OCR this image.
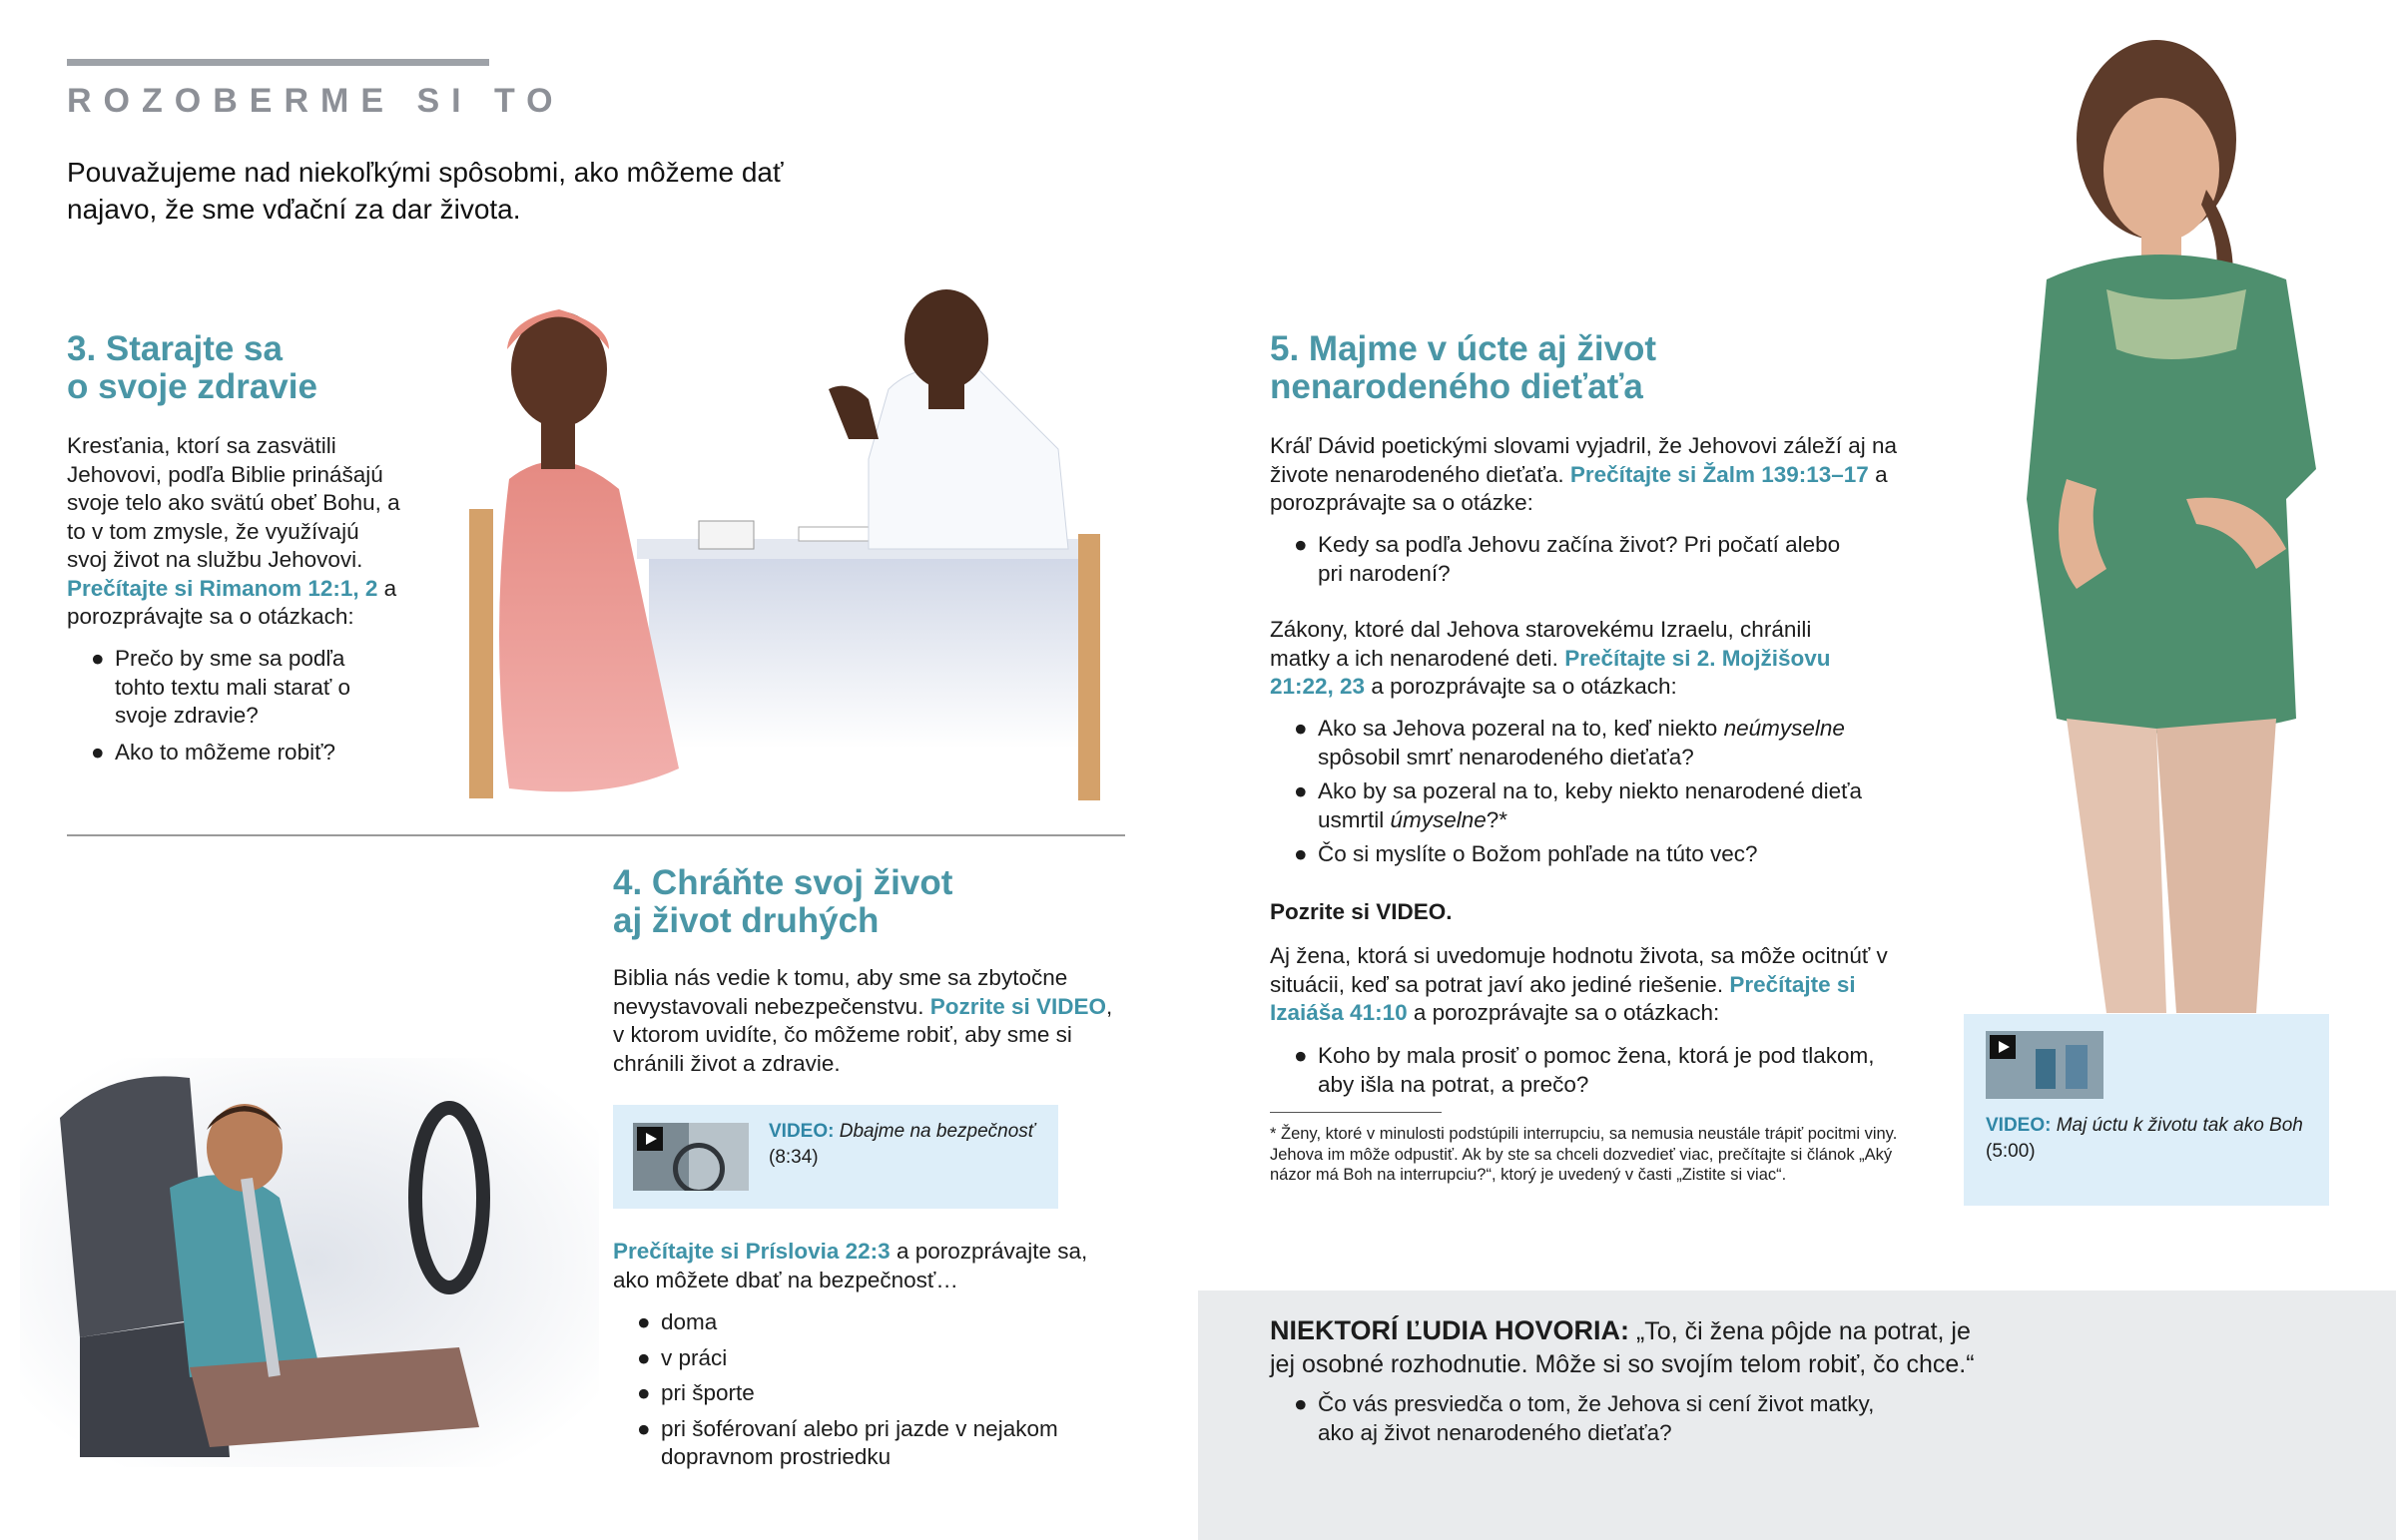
ROZOBERME SI TO

Pouvažujeme nad niekoľkými spôsobmi, ako môžeme dať najavo, že sme vďační za dar života.

3. Starajte sa
o svoje zdravie
Kresťania, ktorí sa zasvätili Jehovovi, podľa Biblie prinášajú svoje telo ako svätú obeť Bohu, a to v tom zmysle, že využívajú svoj život na službu Jehovovi. Prečítajte si Rimanom 12:1, 2 a porozprávajte sa o otázkach:
● Prečo by sme sa podľa tohto textu mali starať o svoje zdravie?
● Ako to môžeme robiť?
4. Chráňte svoj život
aj život druhých
Biblia nás vedie k tomu, aby sme sa zbytočne nevystavovali nebezpečenstvu. Pozrite si VIDEO, v ktorom uvidíte, čo môžeme robiť, aby sme si chránili život a zdravie.
VIDEO: Dbajme na bezpečnosť (8:34)
Prečítajte si Príslovia 22:3 a porozprávajte sa, ako môžete dbať na bezpečnosť…
● doma
● v práci
● pri športe
● pri šoférovaní alebo pri jazde v nejakom dopravnom prostriedku
5. Majme v úcte aj život
nenarodeného dieťaťa
Kráľ Dávid poetickými slovami vyjadril, že Jehovovi záleží aj na živote nenarodeného dieťaťa. Prečítajte si Žalm 139:13–17 a porozprávajte sa o otázke:
● Kedy sa podľa Jehovu začína život? Pri počatí alebo pri narodení?
Zákony, ktoré dal Jehova starovekému Izraelu, chránili matky a ich nenarodené deti. Prečítajte si 2. Mojžišovu 21:22, 23 a porozprávajte sa o otázkach:
● Ako sa Jehova pozeral na to, keď niekto neúmyselne spôsobil smrť nenarodeného dieťaťa?
● Ako by sa pozeral na to, keby niekto nenarodené dieťa usmrtil úmyselne?*
● Čo si myslíte o Božom pohľade na túto vec?
Pozrite si VIDEO.
Aj žena, ktorá si uvedomuje hodnotu života, sa môže ocitnúť v situácii, keď sa potrat javí ako jediné riešenie. Prečítajte si Izaiáša 41:10 a porozprávajte sa o otázkach:
● Koho by mala prosiť o pomoc žena, ktorá je pod tlakom, aby išla na potrat, a prečo?

* Ženy, ktoré v minulosti podstúpili interrupciu, sa nemusia neustále trápiť pocitmi viny. Jehova im môže odpustiť. Ak by ste sa chceli dozvedieť viac, prečítajte si článok „Aký názor má Boh na interrupciu?“, ktorý je uvedený v časti „Zistite si viac“.

VIDEO: Maj úctu k životu tak ako Boh (5:00)

NIEKTORÍ ĽUDIA HOVORIA: „To, či žena pôjde na potrat, je jej osobné rozhodnutie. Môže si so svojím telom robiť, čo chce.“

● Čo vás presviedča o tom, že Jehova si cení život matky, ako aj život nenarodeného dieťaťa?
